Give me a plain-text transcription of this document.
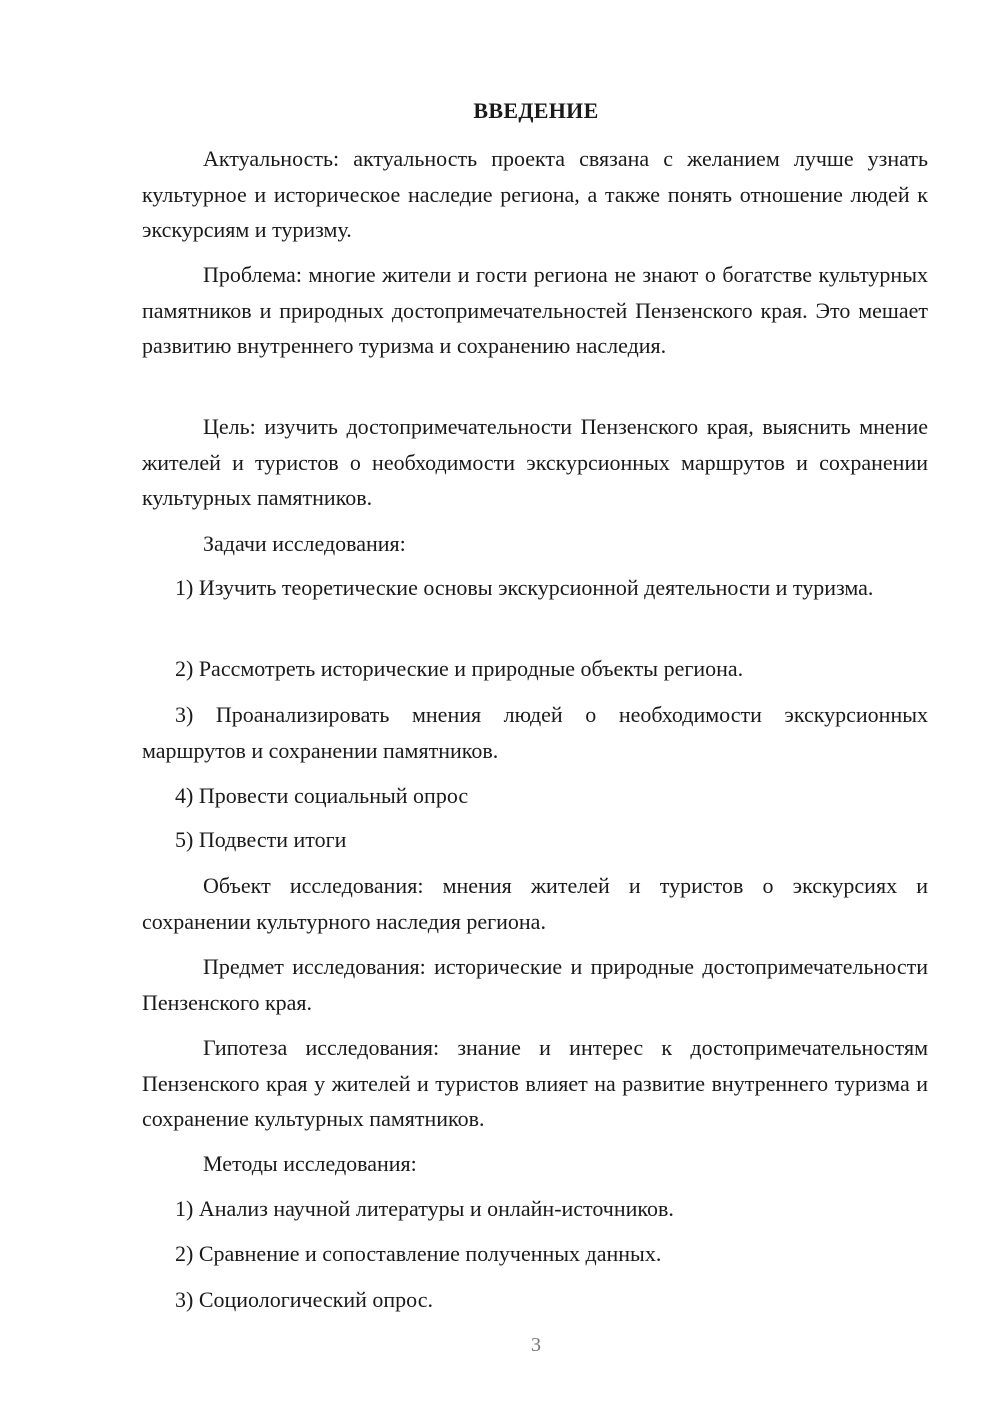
ВВЕДЕНИЕ

Актуальность: актуальность проекта связана с желанием лучше узнать культурное и историческое наследие региона, а также понять отношение людей к экскурсиям и туризму.

Проблема: многие жители и гости региона не знают о богатстве культурных памятников и природных достопримечательностей Пензенского края. Это мешает развитию внутреннего туризма и сохранению наследия.

Цель: изучить достопримечательности Пензенского края, выяснить мнение жителей и туристов о необходимости экскурсионных маршрутов и сохранении культурных памятников.

Задачи исследования:

1) Изучить теоретические основы экскурсионной деятельности и туризма.

2) Рассмотреть исторические и природные объекты региона.

3) Проанализировать мнения людей о необходимости экскурсионных маршрутов и сохранении памятников.

4) Провести социальный опрос

5) Подвести итоги

Объект исследования: мнения жителей и туристов о экскурсиях и сохранении культурного наследия региона.

Предмет исследования: исторические и природные достопримечательности Пензенского края.

Гипотеза исследования: знание и интерес к достопримечательностям Пензенского края у жителей и туристов влияет на развитие внутреннего туризма и сохранение культурных памятников.

Методы исследования:

1) Анализ научной литературы и онлайн-источников.

2) Сравнение и сопоставление полученных данных.

3) Социологический опрос.

3
